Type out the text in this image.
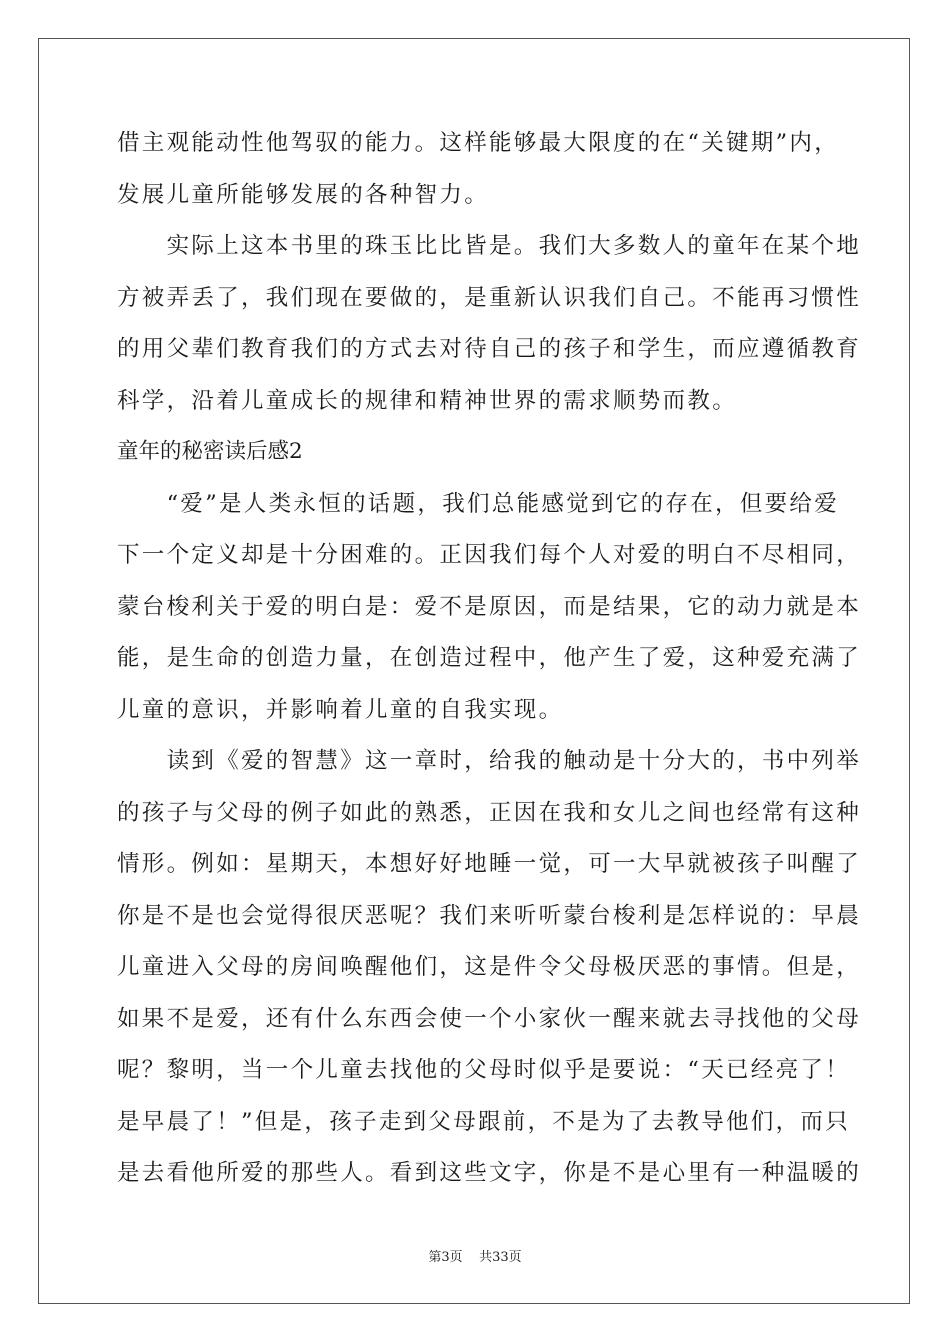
借主观能动性他驾驭的能力。这样能够最大限度的在“关键期”内，
发展儿童所能够发展的各种智力。
　　实际上这本书里的珠玉比比皆是。我们大多数人的童年在某个地
方被弄丢了，我们现在要做的，是重新认识我们自己。不能再习惯性
的用父辈们教育我们的方式去对待自己的孩子和学生，而应遵循教育
科学，沿着儿童成长的规律和精神世界的需求顺势而教。
童年的秘密读后感2
　　“爱”是人类永恒的话题，我们总能感觉到它的存在，但要给爱
下一个定义却是十分困难的。正因我们每个人对爱的明白不尽相同，
蒙台梭利关于爱的明白是：爱不是原因，而是结果，它的动力就是本
能，是生命的创造力量，在创造过程中，他产生了爱，这种爱充满了
儿童的意识，并影响着儿童的自我实现。
　　读到《爱的智慧》这一章时，给我的触动是十分大的，书中列举
的孩子与父母的例子如此的熟悉，正因在我和女儿之间也经常有这种
情形。例如：星期天，本想好好地睡一觉，可一大早就被孩子叫醒了
你是不是也会觉得很厌恶呢？我们来听听蒙台梭利是怎样说的：早晨
儿童进入父母的房间唤醒他们，这是件令父母极厌恶的事情。但是，
如果不是爱，还有什么东西会使一个小家伙一醒来就去寻找他的父母
呢？黎明，当一个儿童去找他的父母时似乎是要说：“天已经亮了！
是早晨了！”但是，孩子走到父母跟前，不是为了去教导他们，而只
是去看他所爱的那些人。看到这些文字，你是不是心里有一种温暖的
第3页 共33页
